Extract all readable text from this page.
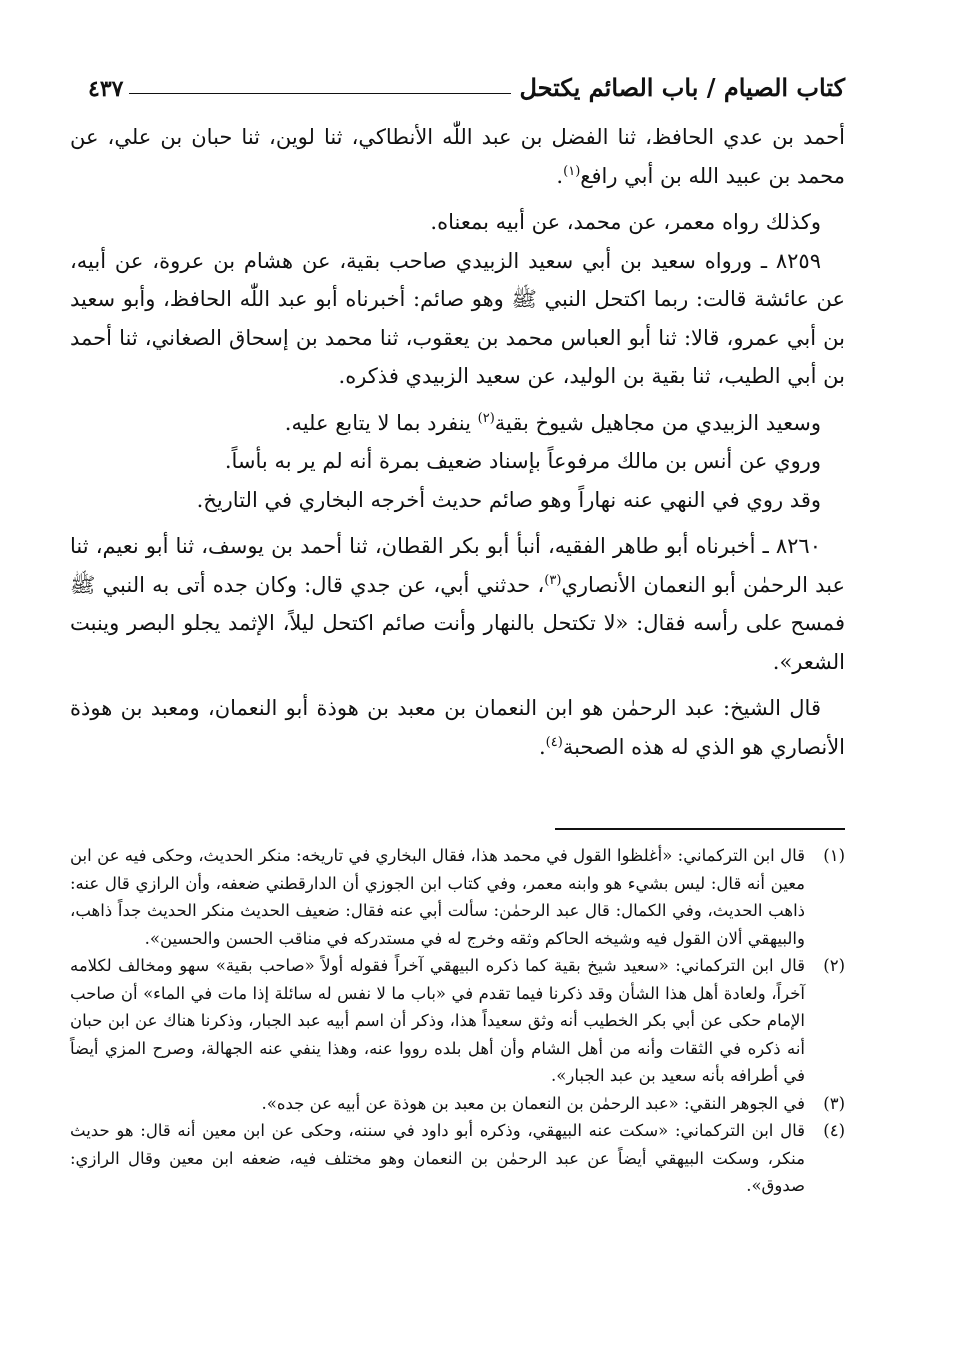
كتاب الصيام / باب الصائم يكتحل
٤٣٧

أحمد بن عدي الحافظ، ثنا الفضل بن عبد اللّٰه الأنطاكي، ثنا لوين، ثنا حبان بن علي، عن محمد بن عبيد الله بن أبي رافع$^{(١)}$.

وكذلك رواه معمر، عن محمد، عن أبيه بمعناه.

٨٢٥٩ ـ ورواه سعيد بن أبي سعيد الزبيدي صاحب بقية، عن هشام بن عروة، عن أبيه، عن عائشة قالت: ربما اكتحل النبي ﷺ وهو صائم: أخبرناه أبو عبد اللّٰه الحافظ، وأبو سعيد بن أبي عمرو، قالا: ثنا أبو العباس محمد بن يعقوب، ثنا محمد بن إسحاق الصغاني، ثنا أحمد بن أبي الطيب، ثنا بقية بن الوليد، عن سعيد الزبيدي فذكره.

وسعيد الزبيدي من مجاهيل شيوخ بقية$^{(٢)}$ ينفرد بما لا يتابع عليه.

وروي عن أنس بن مالك مرفوعاً بإسناد ضعيف بمرة أنه لم ير به بأساً.

وقد روي في النهي عنه نهاراً وهو صائم حديث أخرجه البخاري في التاريخ.

٨٢٦٠ ـ أخبرناه أبو طاهر الفقيه، أنبأ أبو بكر القطان، ثنا أحمد بن يوسف، ثنا أبو نعيم، ثنا عبد الرحمٰن أبو النعمان الأنصاري$^{(٣)}$، حدثني أبي، عن جدي قال: وكان جده أتى به النبي ﷺ فمسح على رأسه فقال: «لا تكتحل بالنهار وأنت صائم اكتحل ليلاً، الإثمد يجلو البصر وينبت الشعر».

قال الشيخ: عبد الرحمٰن هو ابن النعمان بن معبد بن هوذة أبو النعمان، ومعبد بن هوذة الأنصاري هو الذي له هذه الصحبة$^{(٤)}$.

(١)
قال ابن التركماني: «أغلظوا القول في محمد هذا، فقال البخاري في تاريخه: منكر الحديث، وحكى فيه عن ابن معين أنه قال: ليس بشيء هو وابنه معمر، وفي كتاب ابن الجوزي أن الدارقطني ضعفه، وأن الرازي قال عنه: ذاهب الحديث، وفي الكمال: قال عبد الرحمٰن: سألت أبي عنه فقال: ضعيف الحديث منكر الحديث جداً ذاهب، والبيهقي ألان القول فيه وشيخه الحاكم وثقه وخرج له في مستدركه في مناقب الحسن والحسين».
(٢)
قال ابن التركماني: «سعيد شيخ بقية كما ذكره البيهقي آخراً فقوله أولاً «صاحب بقية» سهو ومخالف لكلامه آخراً، ولعادة أهل هذا الشأن وقد ذكرنا فيما تقدم في «باب ما لا نفس له سائلة إذا مات في الماء» أن صاحب الإمام حكى عن أبي بكر الخطيب أنه وثق سعيداً هذا، وذكر أن اسم أبيه عبد الجبار، وذكرنا هناك عن ابن حبان أنه ذكره في الثقات وأنه من أهل الشام وأن أهل بلده رووا عنه، وهذا ينفي عنه الجهالة، وصرح المزي أيضاً في أطرافه بأنه سعيد بن عبد الجبار».
(٣)
في الجوهر النقي: «عبد الرحمٰن بن النعمان بن معبد بن هوذة عن أبيه عن جده».
(٤)
قال ابن التركماني: «سكت عنه البيهقي، وذكره أبو داود في سننه، وحكى عن ابن معين أنه قال: هو حديث منكر، وسكت البيهقي أيضاً عن عبد الرحمٰن بن النعمان وهو مختلف فيه، ضعفه ابن معين وقال الرازي: صدوق».
